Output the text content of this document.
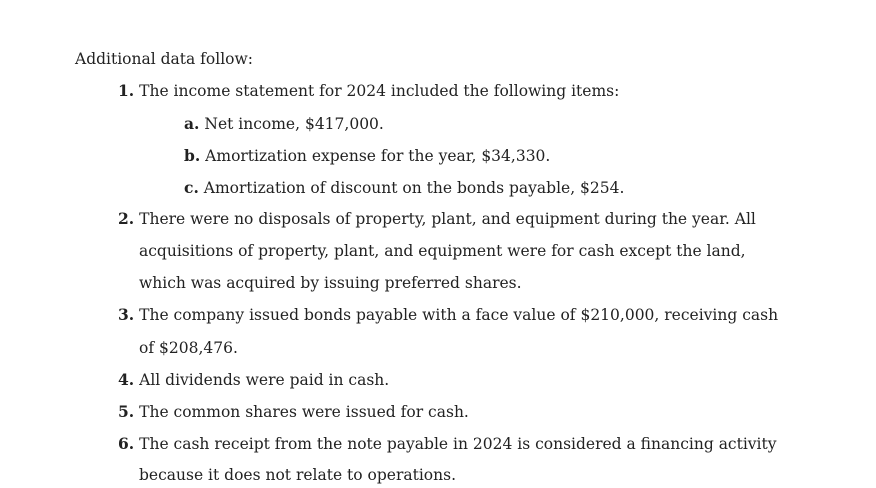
Additional data follow:
1. The income statement for 2024 included the following items:
a. Net income, $417,000.
b. Amortization expense for the year, $34,330.
c. Amortization of discount on the bonds payable, $254.
2. There were no disposals of property, plant, and equipment during the year. All
acquisitions of property, plant, and equipment were for cash except the land,
which was acquired by issuing preferred shares.
3. The company issued bonds payable with a face value of $210,000, receiving cash
of $208,476.
4. All dividends were paid in cash.
5. The common shares were issued for cash.
6. The cash receipt from the note payable in 2024 is considered a financing activity
because it does not relate to operations.
